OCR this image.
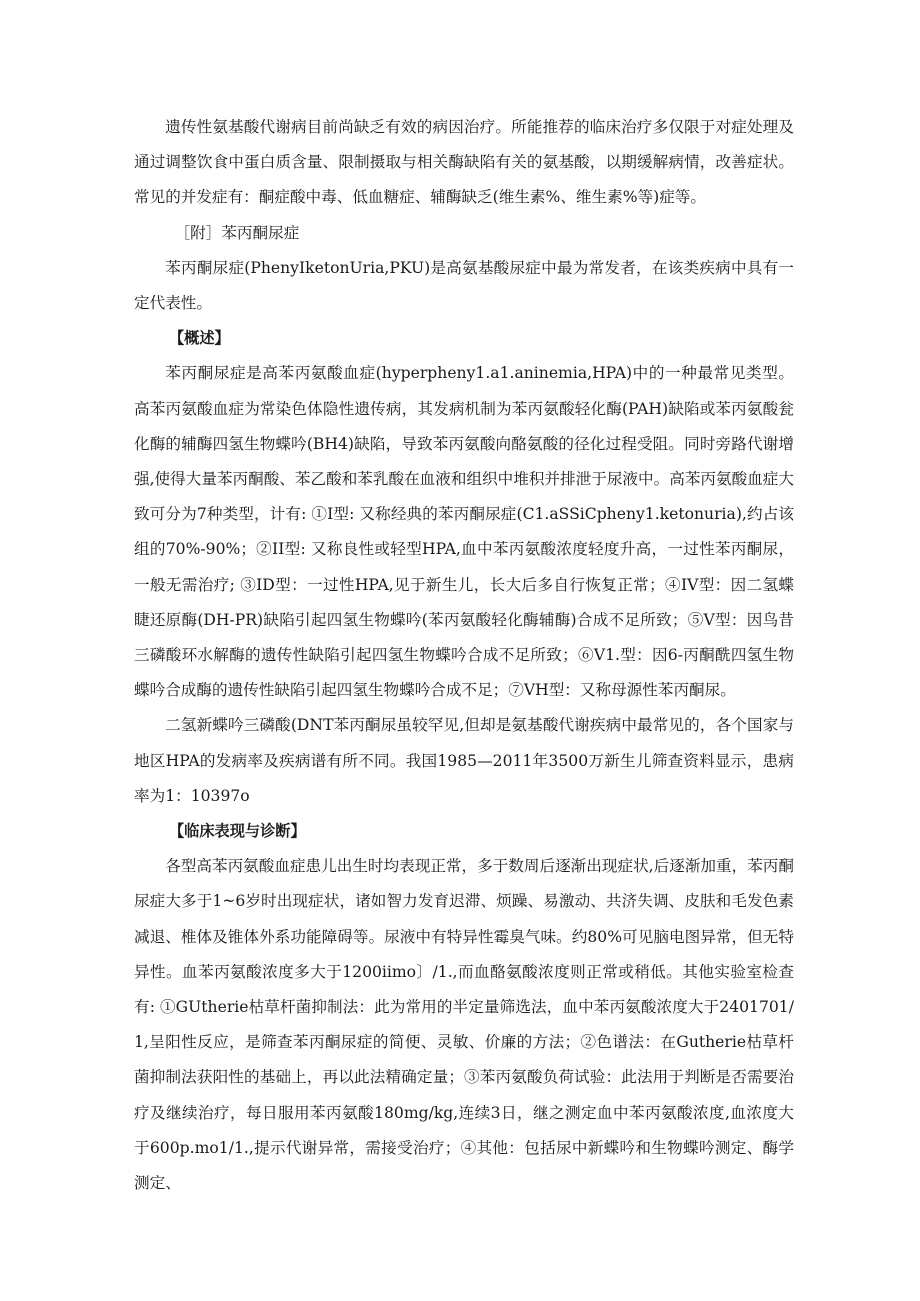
遗传性氨基酸代谢病目前尚缺乏有效的病因治疗。所能推荐的临床治疗多仅限于对症处理及通过调整饮食中蛋白质含量、限制摄取与相关酶缺陷有关的氨基酸，以期缓解病情，改善症状。常见的并发症有：酮症酸中毒、低血糖症、辅酶缺乏(维生素%、维生素%等)症等。

［附］苯丙酮尿症

苯丙酮尿症(PhenyIketonUria,PKU)是高氨基酸尿症中最为常发者，在该类疾病中具有一定代表性。

【概述】

苯丙酮尿症是高苯丙氨酸血症(hyperpheny1.a1.aninemia,HPA)中的一种最常见类型。高苯丙氨酸血症为常染色体隐性遗传病，其发病机制为苯丙氨酸轻化酶(PAH)缺陷或苯丙氨酸瓮化酶的辅酶四氢生物蝶吟(BH4)缺陷，导致苯丙氨酸向酪氨酸的径化过程受阻。同时旁路代谢增强,使得大量苯丙酮酸、苯乙酸和苯乳酸在血液和组织中堆积并排泄于尿液中。高苯丙氨酸血症大致可分为7种类型，计有: ①I型: 又称经典的苯丙酮尿症(C1.aSSiCpheny1.ketonuria),约占该组的70%-90%；②II型: 又称良性或轻型HPA,血中苯丙氨酸浓度轻度升高，一过性苯丙酮尿，一般无需治疗; ③ID型：一过性HPA,见于新生儿，长大后多自行恢复正常；④IV型：因二氢蝶睫还原酶(DH-PR)缺陷引起四氢生物蝶吟(苯丙氨酸轻化酶辅酶)合成不足所致；⑤V型：因鸟昔三磷酸环水解酶的遗传性缺陷引起四氢生物蝶吟合成不足所致；⑥V1.型：因6-丙酮酰四氢生物蝶吟合成酶的遗传性缺陷引起四氢生物蝶吟合成不足；⑦VH型：又称母源性苯丙酮尿。

二氢新蝶吟三磷酸(DNT苯丙酮尿虽较罕见,但却是氨基酸代谢疾病中最常见的，各个国家与地区HPA的发病率及疾病谱有所不同。我国1985—2011年3500万新生儿筛查资料显示，患病率为1：10397o

【临床表现与诊断】

各型高苯丙氨酸血症患儿出生时均表现正常，多于数周后逐渐出现症状,后逐渐加重，苯丙酮尿症大多于1~6岁时出现症状，诸如智力发育迟滞、烦躁、易激动、共济失调、皮肤和毛发色素减退、椎体及锥体外系功能障碍等。尿液中有特异性霉臭气味。约80%可见脑电图异常，但无特异性。血苯丙氨酸浓度多大于1200iimo〕/1.,而血酪氨酸浓度则正常或稍低。其他实验室检查有: ①GUtherie枯草杆菌抑制法：此为常用的半定量筛选法，血中苯丙氨酸浓度大于2401701/1,呈阳性反应，是筛查苯丙酮尿症的简便、灵敏、价廉的方法；②色谱法：在Gutherie枯草杆菌抑制法获阳性的基础上，再以此法精确定量；③苯丙氨酸负荷试验：此法用于判断是否需要治疗及继续治疗，每日服用苯丙氨酸180mg/kg,连续3日，继之测定血中苯丙氨酸浓度,血浓度大于600p.mo1/1.,提示代谢异常，需接受治疗；④其他：包括尿中新蝶吟和生物蝶吟测定、酶学测定、
